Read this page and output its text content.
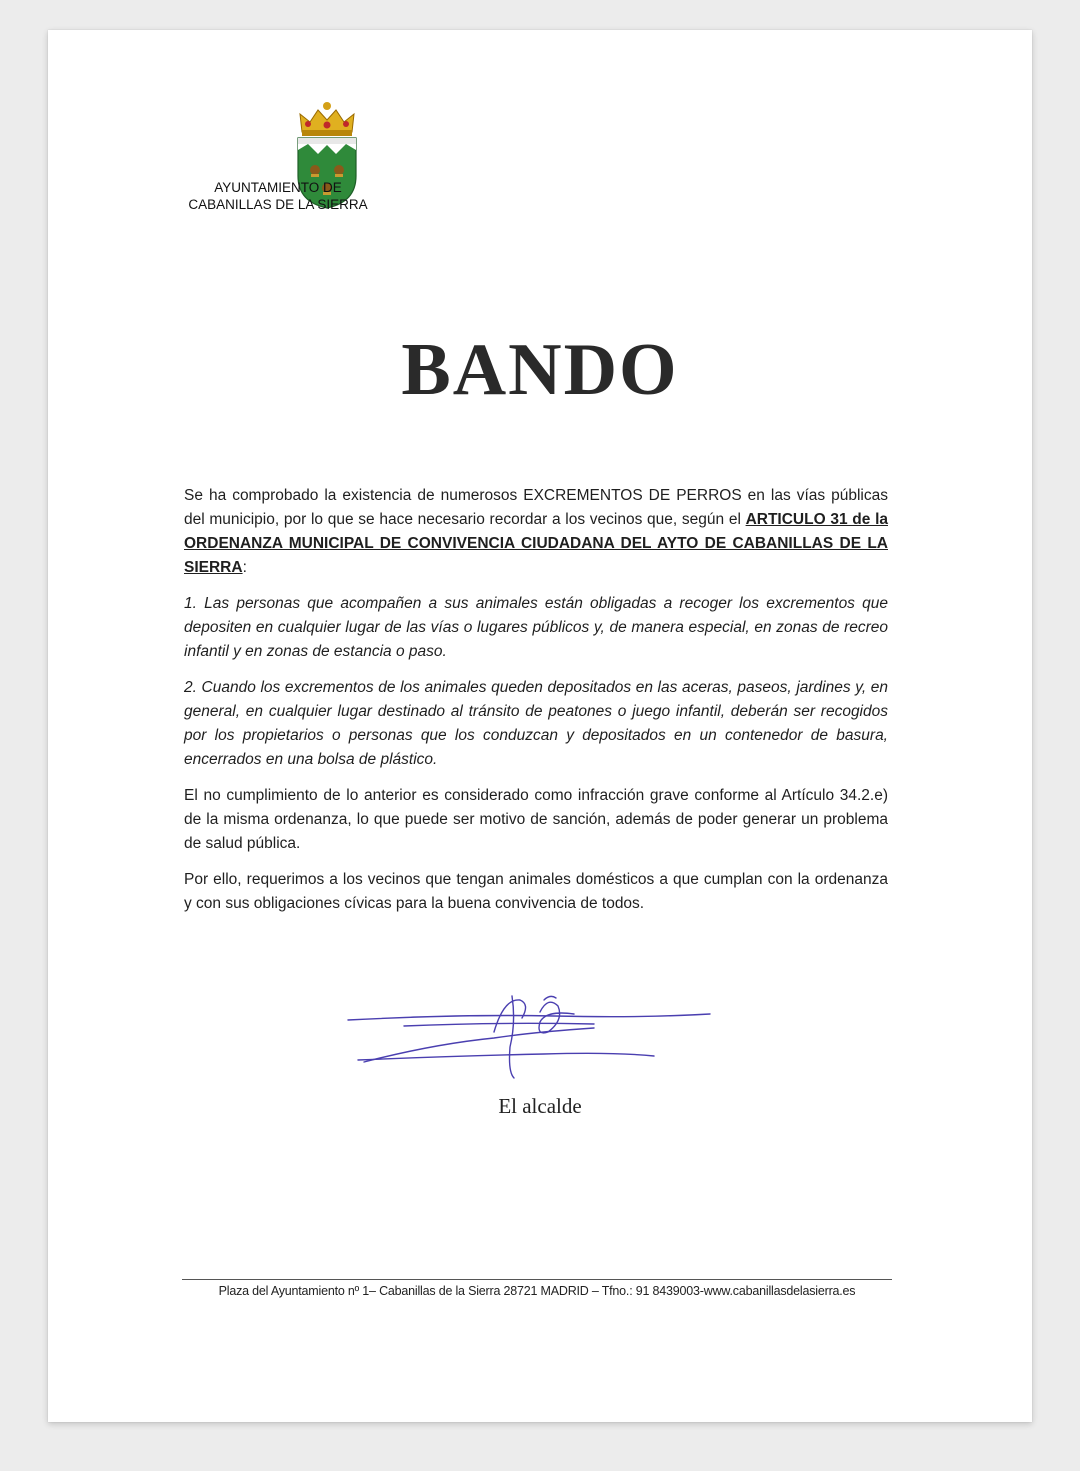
AYUNTAMIENTO DE
CABANILLAS DE LA SIERRA
BANDO

Se ha comprobado la existencia de numerosos EXCREMENTOS DE PERROS en las vías públicas del municipio, por lo que se hace necesario recordar a los vecinos que, según el ARTICULO 31 de la ORDENANZA MUNICIPAL DE CONVIVENCIA CIUDADANA DEL AYTO DE CABANILLAS DE LA SIERRA:

1. Las personas que acompañen a sus animales están obligadas a recoger los excrementos que depositen en cualquier lugar de las vías o lugares públicos y, de manera especial, en zonas de recreo infantil y en zonas de estancia o paso.

2. Cuando los excrementos de los animales queden depositados en las aceras, paseos, jardines y, en general, en cualquier lugar destinado al tránsito de peatones o juego infantil, deberán ser recogidos por los propietarios o personas que los conduzcan y depositados en un contenedor de basura, encerrados en una bolsa de plástico.

El no cumplimiento de lo anterior es considerado como infracción grave conforme al Artículo 34.2.e) de la misma ordenanza, lo que puede ser motivo de sanción, además de poder generar un problema de salud pública.

Por ello, requerimos a los vecinos que tengan animales domésticos a que cumplan con la ordenanza y con sus obligaciones cívicas para la buena convivencia de todos.

El alcalde
Plaza del Ayuntamiento nº 1– Cabanillas de la Sierra 28721 MADRID – Tfno.: 91 8439003-www.cabanillasdelasierra.es
